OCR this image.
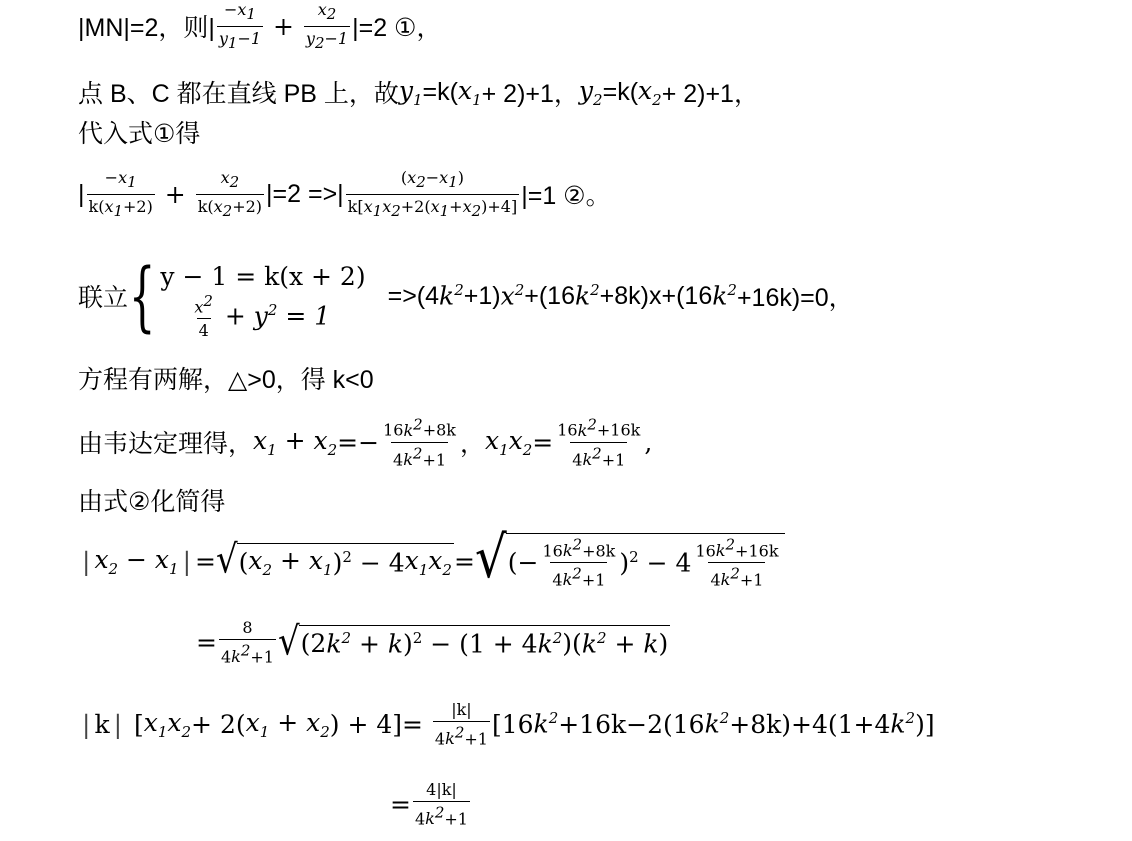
|MN|=2，则| $\frac{-x_1}{y_1-1} + \frac{x_2}{y_2-1} |=2$ ①，
点 B、C 都在直线 PB 上，故 $y_1 =k$( $x_1 + 2)+1$， $y_2 =k$( $x_2 + 2)+1$，
代入式①得
| $\frac{-x_1}{k(x_1+2)} + \frac{x_2}{k(x_2+2)} |=2$ =>| $\frac{(x_2-x_1)}{k[x_1x_2+2(x_1+x_2)+4]} |=1$ ②。
联立 { y − 1 = k(x + 2)
$\frac{x^2}{4} + y^2 = 1$
=>(4 $k^2 +1$) $x^2 +(16$ $k^2 +8k)x+(16$ $k^2 +16k)=0$，
方程有两解，△>0，得 k<0
由韦达定理得， $x_1 + x_2 =- \frac{16k^2+8k}{4k^2+1}$ ， $x_1x_2 = \frac{16k^2+16k}{4k^2+1}$ ,
由式②化简得
| $x_2 - x_1$ | = √ ( $x_2 + x_1$ )$^2$ − 4 $x_1x_2$ = √ (− $\frac{16k^2+8k}{4k^2+1} )^2 - 4 \frac{16k^2+16k}{4k^2+1}$
= $\frac{8}{4k^2+1}$ √ (2 $k^2 + k$ )$^2$ − (1 + 4 $k^2$ )( $k^2 + k$ )
| k | [ $x_1x_2 + 2$( $x_1 + x_2$ ) + $4]= \frac{|k|}{4k^2+1} [16$ $k^2 +16k-2(16$ $k^2 +8k)+4(1+4$ $k^2$ )]
= $\frac{4|k|}{4k^2+1}$
